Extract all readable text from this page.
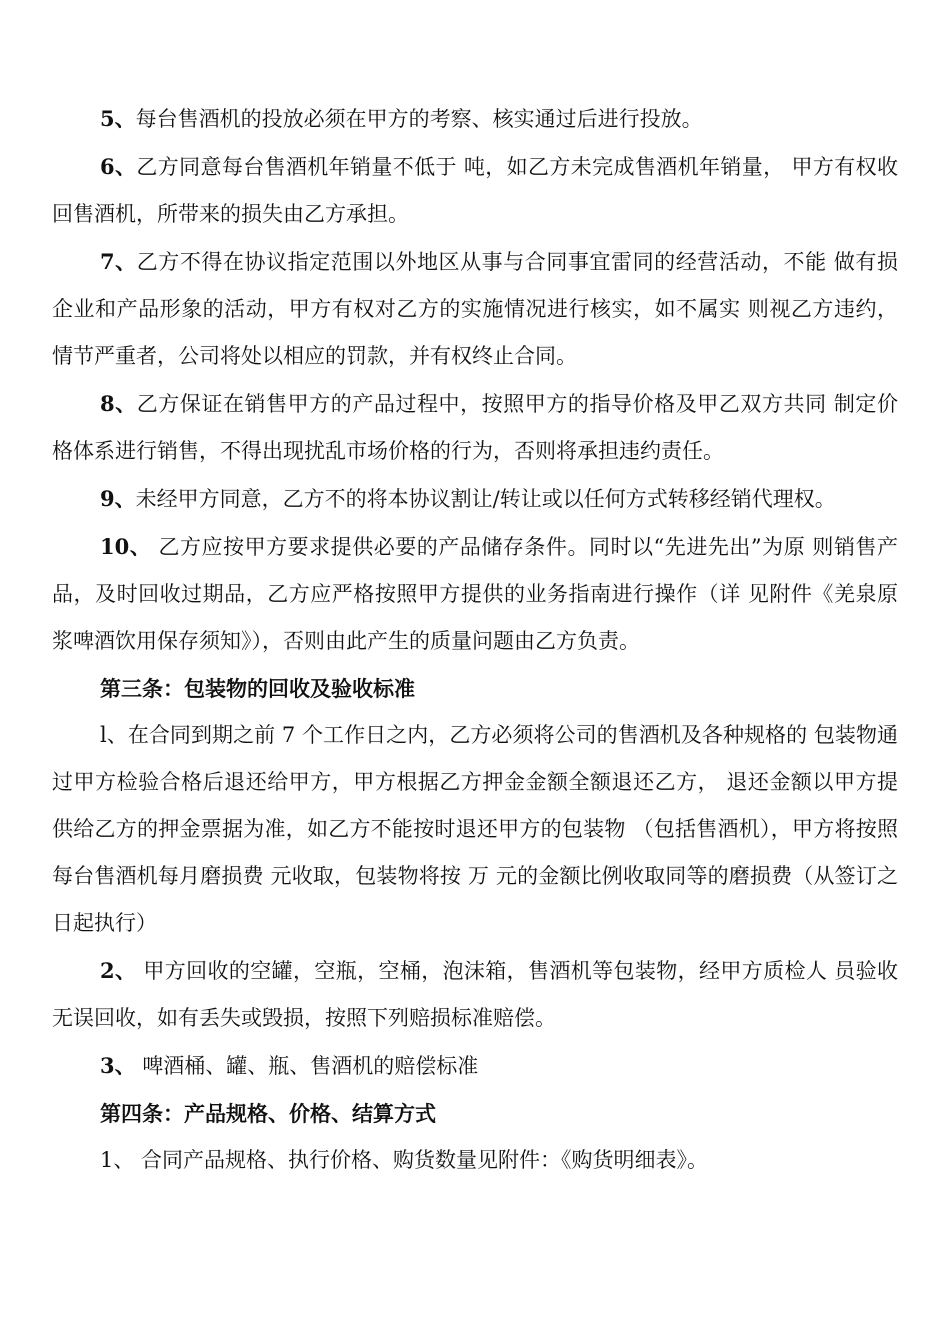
5、每台售酒机的投放必须在甲方的考察、核实通过后进行投放。

6、乙方同意每台售酒机年销量不低于 吨，如乙方未完成售酒机年销量， 甲方有权收回售酒机，所带来的损失由乙方承担。

7、乙方不得在协议指定范围以外地区从事与合同事宜雷同的经营活动，不能 做有损企业和产品形象的活动，甲方有权对乙方的实施情况进行核实，如不属实 则视乙方违约，情节严重者，公司将处以相应的罚款，并有权终止合同。

8、乙方保证在销售甲方的产品过程中，按照甲方的指导价格及甲乙双方共同 制定价格体系进行销售，不得出现扰乱市场价格的行为，否则将承担违约责任。

9、未经甲方同意，乙方不的将本协议割让/转让或以任何方式转移经销代理权。

10、 乙方应按甲方要求提供必要的产品储存条件。同时以“先进先出”为原 则销售产品，及时回收过期品，乙方应严格按照甲方提供的业务指南进行操作（详 见附件《羌泉原浆啤酒饮用保存须知》），否则由此产生的质量问题由乙方负责。

第三条：包装物的回收及验收标准

l、在合同到期之前 7 个工作日之内，乙方必须将公司的售酒机及各种规格的 包装物通过甲方检验合格后退还给甲方，甲方根据乙方押金金额全额退还乙方， 退还金额以甲方提供给乙方的押金票据为准，如乙方不能按时退还甲方的包装物 （包括售酒机），甲方将按照每台售酒机每月磨损费 元收取，包装物将按 万 元的金额比例收取同等的磨损费（从签订之日起执行）

2、 甲方回收的空罐，空瓶，空桶，泡沫箱，售酒机等包装物，经甲方质检人 员验收无误回收，如有丢失或毁损，按照下列赔损标准赔偿。

3、 啤酒桶、罐、瓶、售酒机的赔偿标准

第四条：产品规格、价格、结算方式

1、 合同产品规格、执行价格、购货数量见附件：《购货明细表》。
